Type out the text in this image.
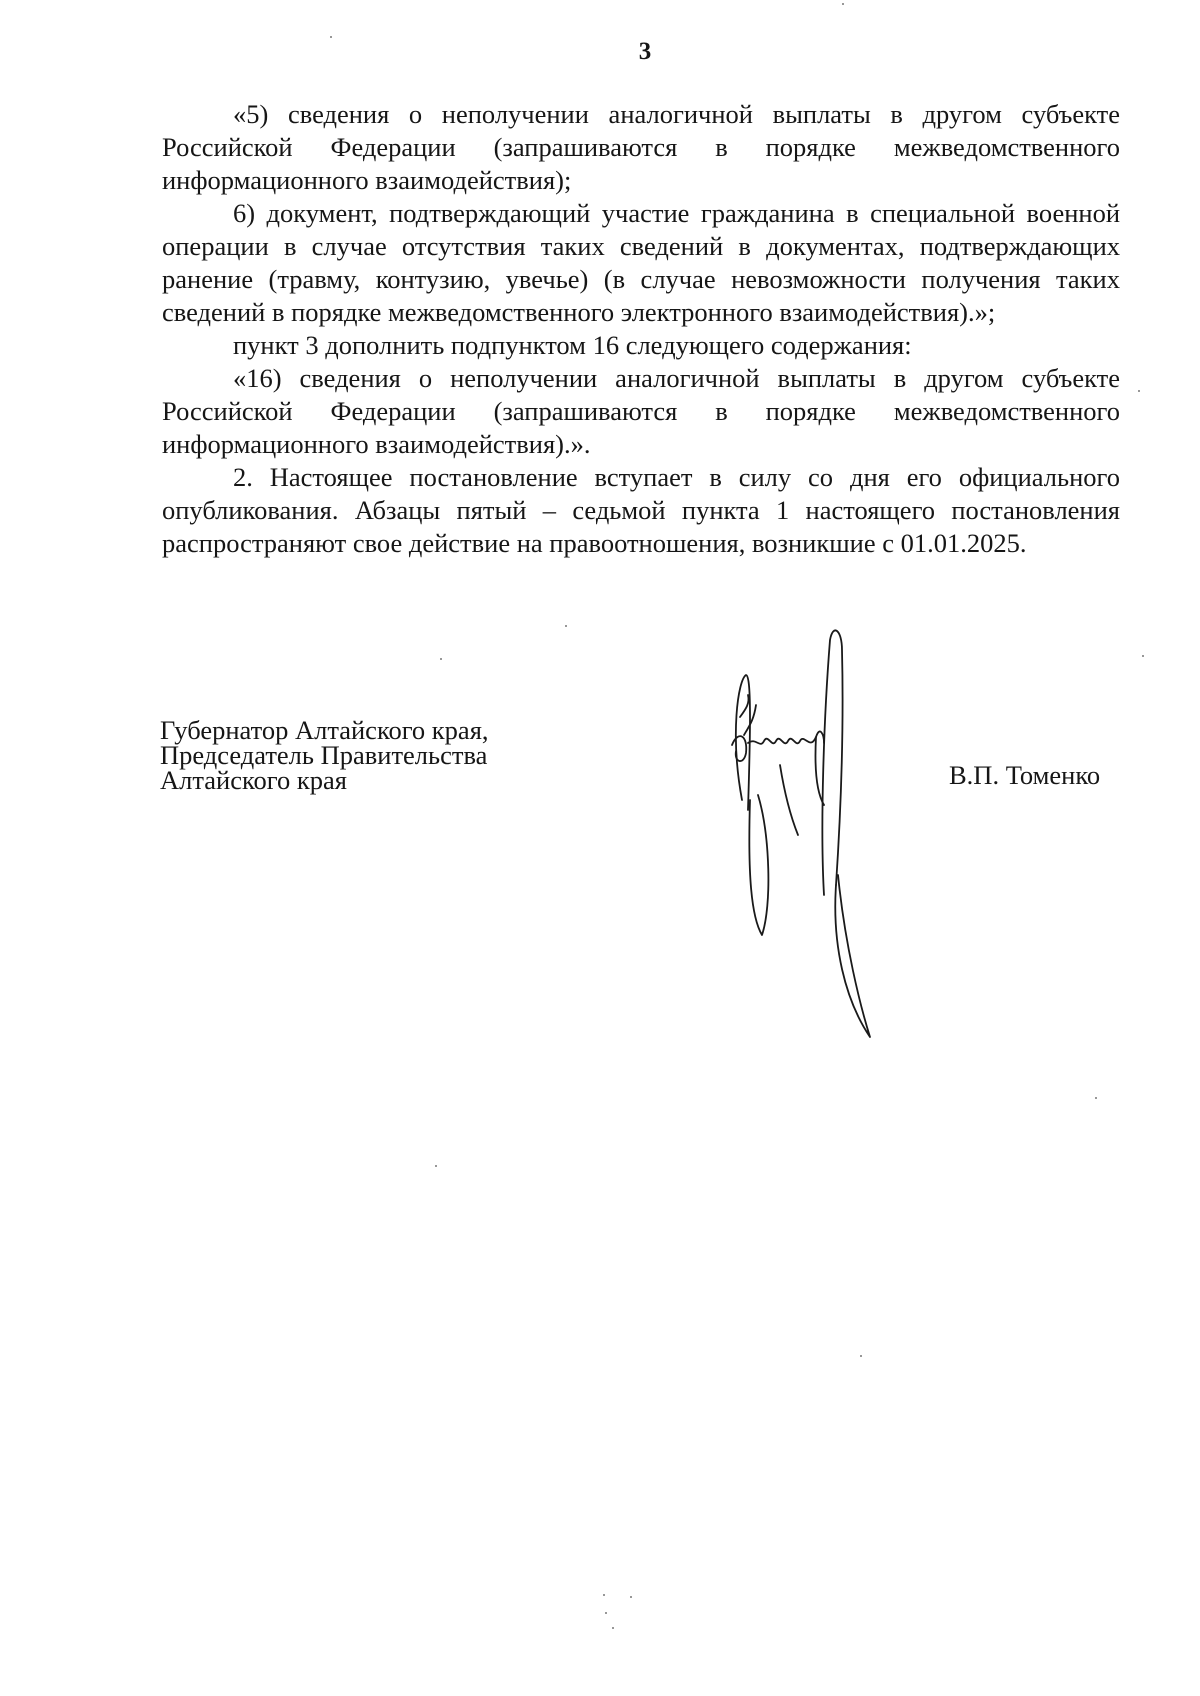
3

«5) сведения о неполучении аналогичной выплаты в другом субъекте Российской Федерации (запрашиваются в порядке межведомственного информационного взаимодействия);

6) документ, подтверждающий участие гражданина в специальной военной операции в случае отсутствия таких сведений в документах, подтверждающих ранение (травму, контузию, увечье) (в случае невозможности получения таких сведений в порядке межведомственного электронного взаимодействия).»;

пункт 3 дополнить подпунктом 16 следующего содержания:

«16) сведения о неполучении аналогичной выплаты в другом субъекте Российской Федерации (запрашиваются в порядке межведомственного информационного взаимодействия).».

2. Настоящее постановление вступает в силу со дня его официального опубликования. Абзацы пятый – седьмой пункта 1 настоящего постановления распространяют свое действие на правоотношения, возникшие с 01.01.2025.

Губернатор Алтайского края,
Председатель Правительства
Алтайского края	В.П. Томенко
